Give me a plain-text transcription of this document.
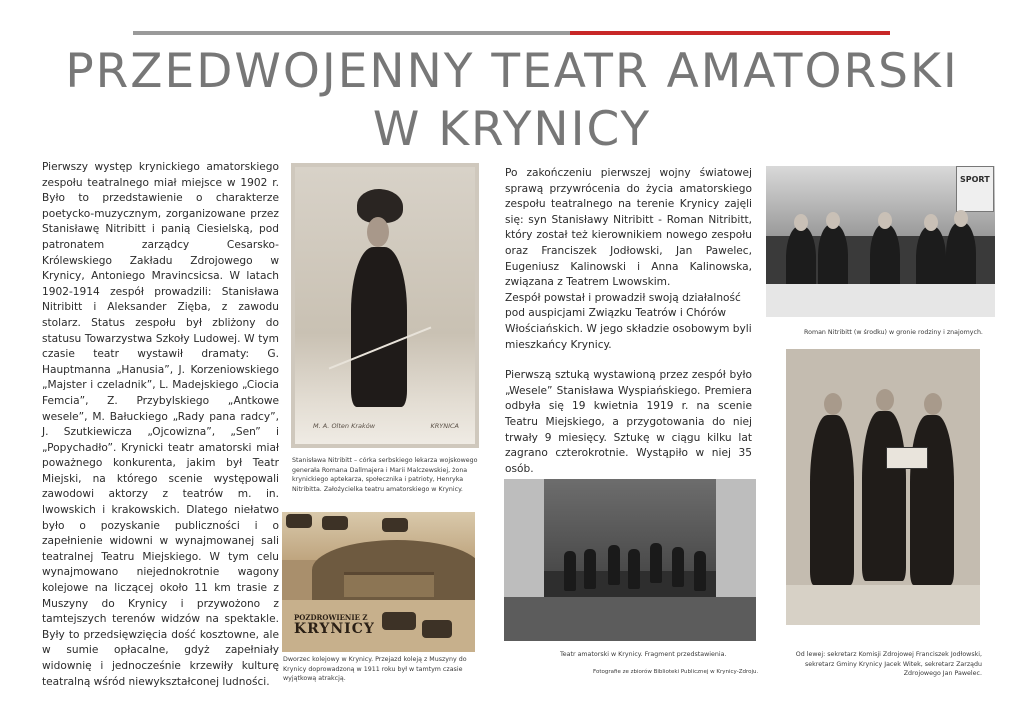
PRZEDWOJENNY TEATR AMATORSKI
W KRYNICY

Pierwszy występ krynickiego amatorskiego zespołu teatralnego miał miejsce w 1902 r. Było to przedstawienie o charakterze poetycko-muzycznym, zorganizowane przez Stanisławę Nitribitt i panią Ciesielską, pod patronatem zarządcy Cesarsko-Królewskiego Zakładu Zdrojowego w Krynicy, Antoniego Mravincsicsa. W latach 1902-1914 zespół prowadzili: Stanisława Nitribitt i Aleksander Zięba, z zawodu stolarz. Status zespołu był zbliżony do statusu Towarzystwa Szkoły Ludowej. W tym czasie teatr wystawił dramaty: G. Hauptmanna „Hanusia”, J. Korzeniowskiego „Majster i czeladnik”, L. Madejskiego „Ciocia Femcia”, Z. Przybylskiego „Antkowe wesele”, M. Bałuckiego „Rady pana radcy”, J. Szutkiewicza „Ojcowizna”, „Sen” i „Popychadło”. Krynicki teatr amatorski miał poważnego konkurenta, jakim był Teatr Miejski, na którego scenie występowali zawodowi aktorzy z teatrów m. in. lwowskich i krakowskich. Dlatego niełatwo było o pozyskanie publiczności i o zapełnienie widowni w wynajmowanej sali teatralnej Teatru Miejskiego. W tym celu wynajmowano niejednokrotnie wagony kolejowe na liczącej około 11 km trasie z Muszyny do Krynicy i przywożono z tamtejszych terenów widzów na spektakle. Były to przedsięwzięcia dość kosztowne, ale w sumie opłacalne, gdyż zapełniały widownię i jednocześnie krzewiły kulturę teatralną wśród niewykształconej ludności.

M. A. Olten Kraków	KRYNICA
Stanisława Nitribitt – córka serbskiego lekarza wojskowego generała Romana Dallmajera i Marii Malczewskiej, żona krynickiego aptekarza, społecznika i patrioty, Henryka Nitribitta. Założycielka teatru amatorskiego w Krynicy.
POZDROWIENIE Z
KRYNICY
Dworzec kolejowy w Krynicy. Przejazd koleją z Muszyny do Krynicy doprowadzoną w 1911 roku był w tamtym czasie wyjątkową atrakcją.

Po zakończeniu pierwszej wojny światowej sprawą przywrócenia do życia amatorskiego zespołu teatralnego na terenie Krynicy zajęli się: syn Stanisławy Nitribitt - Roman Nitribitt, który został też kierownikiem nowego zespołu oraz Franciszek Jodłowski, Jan Pawelec, Eugeniusz Kalinowski i Anna Kalinowska, związana z Teatrem Lwowskim.

Zespół powstał i prowadził swoją działalność pod auspicjami Związku Teatrów i Chórów Włościańskich. W jego składzie osobowym byli mieszkańcy Krynicy.

Pierwszą sztuką wystawioną przez zespół było „Wesele” Stanisława Wyspiańskiego. Premiera odbyła się 19 kwietnia 1919 r. na scenie Teatru Miejskiego, a przygotowania do niej trwały 9 miesięcy. Sztukę w ciągu kilku lat zagrano czterokrotnie. Wystąpiło w niej 35 osób.

Teatr amatorski w Krynicy. Fragment przedstawienia.
Fotografie ze zbiorów Biblioteki Publicznej w Krynicy-Zdroju.
SPORT
Roman Nitribitt (w środku) w gronie rodziny i znajomych.
Od lewej: sekretarz Komisji Zdrojowej Franciszek Jodłowski, sekretarz Gminy Krynicy Jacek Witek, sekretarz Zarządu Zdrojowego Jan Pawelec.
